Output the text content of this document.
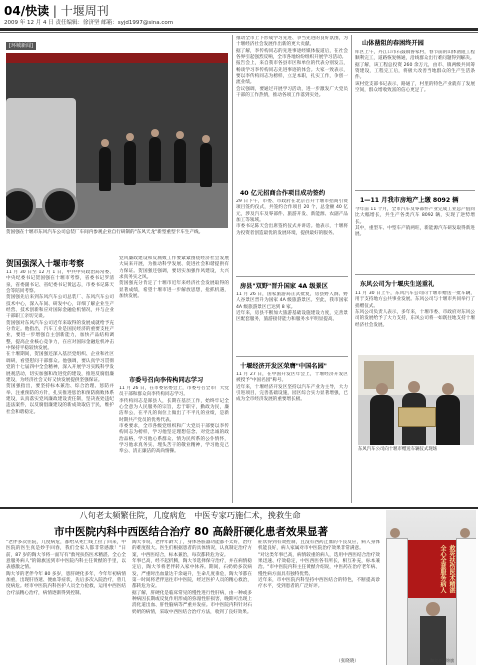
04/快读 | 十堰周刊
2009 年 12 月 4 日 责任编辑：徐济坚 邮箱：syjd1997@sina.com
[环城新闻]
贺国强在十堰市东风汽车公司总装厂车间内参观企业自行研制的"东风天龙"新型重型卡车生产线。
贺国强深入十堰市考察
11 月 30 日至 12 月 1 日，中共中央政治局常委、中央纪委书记贺国强在十堰市考察，省委书记罗清泉，省委副书记、省纪委书记黄远志，市委书记陈天会等陪同考察。
贺国强先后来到东风汽车公司总装厂、东风汽车公司技术中心，深入车间、研发中心，详细了解企业生产经营、技术创新和应对国际金融危机情况，并与企业干部职工亲切交谈。
贺国强对东风汽车公司近年来取得的发展成就给予充分肯定。他指出，汽车工业是国民经济的重要支柱产业，要进一步增强自主创新能力，加快产品结构调整，提高企业核心竞争力，在应对国际金融危机冲击中保持平稳较快发展。
在十堰期间，贺国强还深入基层党组织、企业和社区调研，看望慰问干部群众。他强调，要认真学习贯彻党的十七届四中全会精神，深入开展学习实践科学发展观活动，切实加强和改进党的建设，推进反腐倡廉建设，为经济社会又好又快发展提供坚强保证。
贺国强指出，要坚持标本兼治、综合治理、惩防并举、注重预防的方针，扎实推进惩治和预防腐败体系建设，认真落实党风廉政建设责任制，坚决查处违纪违法案件，以反腐倡廉建设的新成效取信于民，维护社会和谐稳定。
党风廉政建设和反腐败工作要紧紧围绕经济社会发展大局来开展，为推动科学发展、促进社会和谐提供有力保证。贺国强还强调，要切实加强作风建设，大兴求真务实之风。
贺国强充分肯定了十堰市近年来经济社会发展取得的显著成绩，希望十堰市进一步解放思想，抢抓机遇，加快发展。
市委号召向李传构同志学习
11 月 26 日，在市委常委会上，市委号召全市广大党员干部和群众向李传构同志学习。
李传构同志是郧县人，长期在基层工作，始终牢记全心全意为人民服务的宗旨，忠于职守，勤政为民，廉洁奉公，在平凡的岗位上做出了不平凡的业绩，是新时期共产党员的优秀代表。
市委要求，全市各级党组织和广大党员干部要以李传构同志为榜样，学习他坚定理想信念、对党忠诚的政治品格，学习他心系群众、情为民所系的公仆情怀，学习他求真务实、埋头苦干的敬业精神，学习他克己奉公、清正廉洁的高尚情操。
推动全市上下形成学习先进、争当先进的良好氛围，为十堰经济社会发展作出新的更大贡献。
据了解，李传构同志的先进事迹经媒体报道后，在社会各界引起强烈反响，全市各地纷纷组织开展学习活动。
报告会上，来自我市各县市区和单位的代表分别发言，畅谈学习李传构同志先进事迹的体会。大家一致表示，要以李传构同志为榜样，立足本职，扎实工作，争创一流业绩。
会议强调，要通过开展学习活动，进一步激发广大党员干部的工作热情，推动各项工作落到实处。
40 亿元招商合作项目成功签约
29 日下午，市委、市政府在北京召开十堰市招商引资项目签约仪式，共签约合作项目 20 个，总金额 40 亿元，涉及汽车及零部件、旅游开发、新能源、农副产品加工等领域。
市委书记陈天会出席签约仪式并讲话。他表示，十堰将为投资者创造最优的发展环境，提供最好的服务。
房县"双野"晋升国家 4A 级景区
11 月 26 日，国家旅游局正式批复，房县野人洞、野人谷景区晋升为国家 4A 级旅游景区。至此，我市国家 4A 级旅游景区已达到 8 家。
近年来，房县不断加大旅游基础设施建设力度，完善景区配套服务，旅游接待能力和服务水平明显提高。
十堰经济开发区荣膺"中国名园"
11 月 27 日，在中国开发区年会上，十堰经济开发区被授予"中国名园"称号。
近年来，十堰经济开发区坚持以汽车产业为主导，大力引进项目，完善基础设施，园区综合实力显著增强，已成为全市经济发展的重要增长极。
山体凿阻的春困终开园
库区上午，丹江口市石鼓镇鲁家村，春节前的山体凿阻工程顺利完工，道路恢复畅通，沿线群众出行难问题得到解决。
据了解，该工程总投资 260 余万元，由市、镇两级共同筹资建设，工程完工后，将极大改善当地群众的生产生活条件。
该村党支部书记表示，路通了，村里的特色产业就有了发展空间，群众增收致富的信心更足了。
1—11 月我市房地产上缴 8092 辆
今年前 11 个月，全市汽车及零部件产业完成工业总产值同比大幅增长，共生产各类汽车 8092 辆，实现了逆势增长。
其中，重型车、中型车产销两旺，新能源汽车研发取得新进展。
东风公司为十堰庆生送重礼
11 月 30 日上午，东风汽车公司向十堰市赠送一批车辆，用于支持地方公共事业发展。东风公司与十堰市共同举行了捐赠仪式。
东风公司负责人表示，多年来，十堰市委、市政府对东风公司的发展给予了大力支持，东风公司将一如既往地支持十堰经济社会发展。
东风汽车公司向十堰市赠送车辆仪式现场
八旬老太频繁住院，几度病危　中医专家巧施仁术，挽救生命
市中医院内科中西医结合治疗 80 高龄肝硬化患者效果显著
"老伴多次住院，几度病危，都给从死亡线上拉了回来，中医院的医生真是妙手回春，我们全家人都非常感激！"日前，87 岁的陶大爷将一面写有"救死扶伤医术精湛、全心全意服务病人"的锦旗送到市中医院内科主任黄猷的手里，以表感激之情。
陶大爷的老伴今年 80 多岁，患肝硬化多年，今年年初病情加重，出现肝昏迷、便血等症状，先后多次入院治疗，曾几度病危。经市中医院内科医护人员全力抢救，运用中西医结合疗法精心治疗，病情逐渐得到控制。
陶大爷说，老伴年龄大了，身体各脏器功能都不太好，治疗的难度很大。医生们根据患者的具体情况，认真制定治疗方案，中西医结合，标本兼治，每次都转危为安。
年事已高，经不起折腾，陶大爷选择保守治疗，并在病情稳定后，陶大爷将老伴转入家中休养。期间，石奶奶多次病发，严重时出血量达千余毫升，生命几度垂危，陶大爷都在第一时间将老伴送往市中医院，经过医护人员的精心救治，都转危为安。
据了解，肝硬化是临床常见的慢性进行性肝病，由一种或多种病因长期或反复作用形成的弥漫性肝损害，晚期可出现上消化道出血、肝性脑病等严重并发症。市中医院内科针对石奶奶的病情，采取中西医结合治疗方法，收到了良好效果。
症状得到有效控制，且没有西药止血的不良反应，病人身体机能良好，病人家属对市中医院治疗效果非常满意。
"对这类年事已高，病情较重的病人，选用中西医结合治疗效果迅速、疗效稳定，中医西医各有所长，相互补充，标本兼治。"市中医院内科主任黄猷介绍说，中医药在治疗老年病、慢性病方面具有独特优势。
近年来，市中医院内科坚持中西医结合的特色，不断提高诊疗水平，受到患者的广泛好评。
（张晓晓）
救死扶伤医术精湛 全心全意服务病人
陶大爷送锦旗
